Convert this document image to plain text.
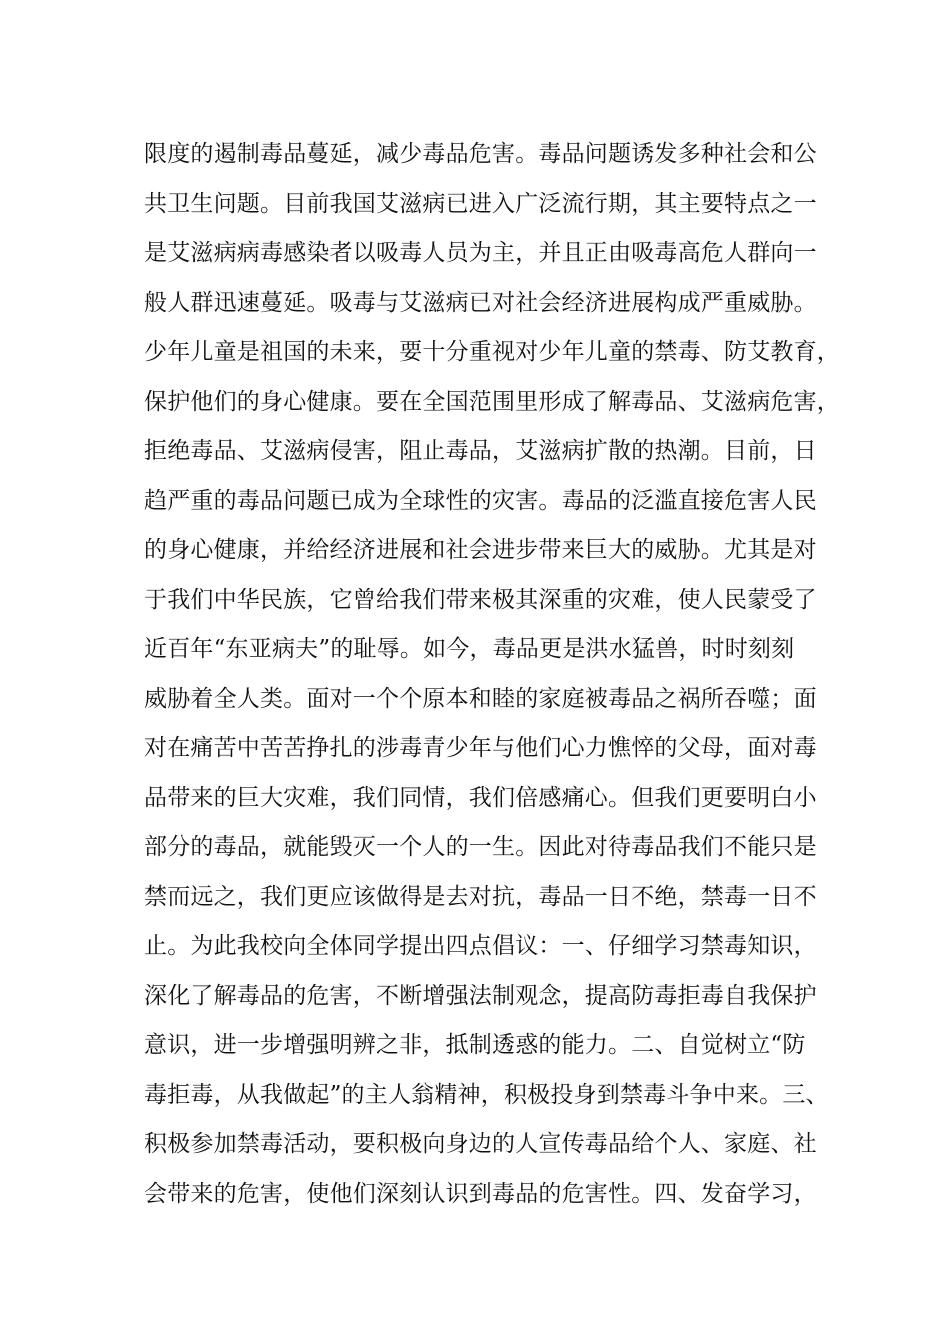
限度的遏制毒品蔓延，减少毒品危害。毒品问题诱发多种社会和公
共卫生问题。目前我国艾滋病已进入广泛流行期，其主要特点之一
是艾滋病病毒感染者以吸毒人员为主，并且正由吸毒高危人群向一
般人群迅速蔓延。吸毒与艾滋病已对社会经济进展构成严重威胁。
少年儿童是祖国的未来，要十分重视对少年儿童的禁毒、防艾教育，
保护他们的身心健康。要在全国范围里形成了解毒品、艾滋病危害，
拒绝毒品、艾滋病侵害，阻止毒品，艾滋病扩散的热潮。目前，日
趋严重的毒品问题已成为全球性的灾害。毒品的泛滥直接危害人民
的身心健康，并给经济进展和社会进步带来巨大的威胁。尤其是对
于我们中华民族，它曾给我们带来极其深重的灾难，使人民蒙受了
近百年“东亚病夫”的耻辱。如今，毒品更是洪水猛兽，时时刻刻
威胁着全人类。面对一个个原本和睦的家庭被毒品之祸所吞噬；面
对在痛苦中苦苦挣扎的涉毒青少年与他们心力憔悴的父母，面对毒
品带来的巨大灾难，我们同情，我们倍感痛心。但我们更要明白小
部分的毒品，就能毁灭一个人的一生。因此对待毒品我们不能只是
禁而远之，我们更应该做得是去对抗，毒品一日不绝，禁毒一日不
止。为此我校向全体同学提出四点倡议：一、仔细学习禁毒知识，
深化了解毒品的危害，不断增强法制观念，提高防毒拒毒自我保护
意识，进一步增强明辨之非，抵制透惑的能力。二、自觉树立“防
毒拒毒，从我做起”的主人翁精神，积极投身到禁毒斗争中来。三、
积极参加禁毒活动，要积极向身边的人宣传毒品给个人、家庭、社
会带来的危害，使他们深刻认识到毒品的危害性。四、发奋学习，
